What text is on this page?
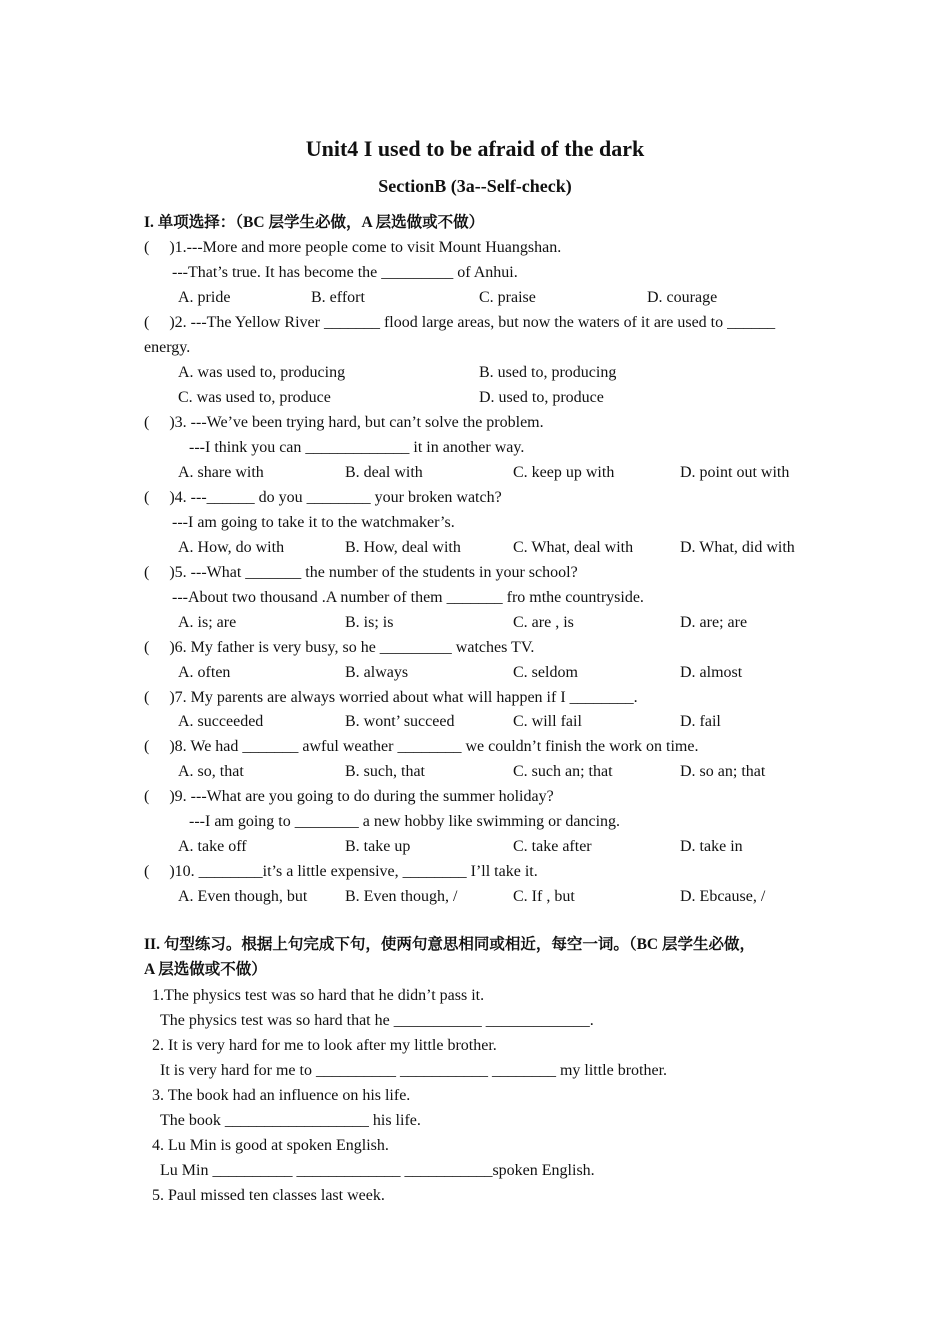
Unit4 I used to be afraid of the dark
SectionB (3a--Self-check)
I. 单项选择：（BC 层学生必做，A 层选做或不做）
(     )1.---More and more people come to visit Mount Huangshan.
---That’s true. It has become the _________ of Anhui.
A. pride	B. effort	C. praise	D. courage
(     )2. ---The Yellow River _______ flood large areas, but now the waters of it are used to ______
energy.
A. was used to, producing	B. used to, producing
C. was used to, produce	D. used to, produce
(     )3. ---We’ve been trying hard, but can’t solve the problem.
---I think you can _____________ it in another way.
A. share with	B. deal with	C. keep up with	D. point out with
(     )4. ---______ do you ________ your broken watch?
---I am going to take it to the watchmaker’s.
A. How, do with	B. How, deal with	C. What, deal with	D. What, did with
(     )5. ---What _______ the number of the students in your school?
---About two thousand .A number of them _______ fro mthe countryside.
A. is; are	B. is; is	C. are , is	D. are; are
(     )6. My father is very busy, so he _________ watches TV.
A. often	B. always	C. seldom	D. almost
(     )7. My parents are always worried about what will happen if I ________.
A. succeeded	B. wont’ succeed	C. will fail	D. fail
(     )8. We had _______ awful weather ________ we couldn’t finish the work on time.
A. so, that	B. such, that	C. such an; that	D. so an; that
(     )9. ---What are you going to do during the summer holiday?
---I am going to ________ a new hobby like swimming or dancing.
A. take off	B. take up	C. take after	D. take in
(     )10. ________it’s a little expensive, ________ I’ll take it.
A. Even though, but B. Even though, /	C. If , but	D. Ebcause, /
II. 句型练习。根据上句完成下句，使两句意思相同或相近，每空一词。（BC 层学生必做，
A 层选做或不做）
1.The physics test was so hard that he didn’t pass it.
The physics test was so hard that he ___________ _____________.
2. It is very hard for me to look after my little brother.
It is very hard for me to __________ ___________ ________ my little brother.
3. The book had an influence on his life.
The book __________________ his life.
4. Lu Min is good at spoken English.
Lu Min __________ _____________ ___________spoken English.
5. Paul missed ten classes last week.
